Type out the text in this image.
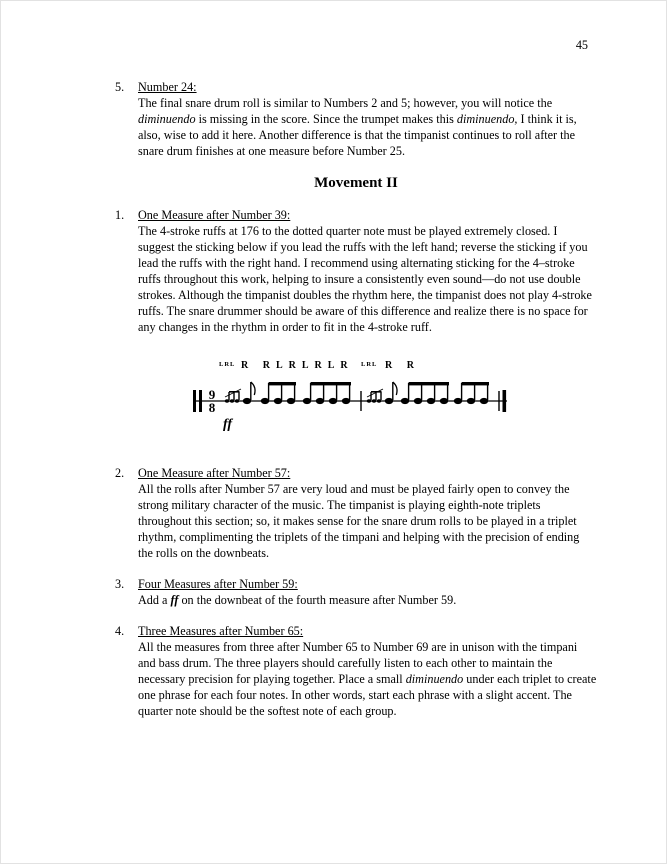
45
5.	Number 24:
The final snare drum roll is similar to Numbers 2 and 5; however, you will notice the diminuendo is missing in the score. Since the trumpet makes this diminuendo, I think it is, also, wise to add it here. Another difference is that the timpanist continues to roll after the snare drum finishes at one measure before Number 25.
Movement II
1.	One Measure after Number 39:
The 4-stroke ruffs at 176 to the dotted quarter note must be played extremely closed. I suggest the sticking below if you lead the ruffs with the left hand; reverse the sticking if you lead the ruffs with the right hand. I recommend using alternating sticking for the 4–stroke ruffs throughout this work, helping to insure a consistently even sound—do not use double strokes. Although the timpanist doubles the rhythm here, the timpanist does not play 4-stroke ruffs. The snare drummer should be aware of this difference and realize there is no space for any changes in the rhythm in order to fit in the 4-stroke ruff.
LRL R RLRLRLR LRL R R
9
8
ff
2.	One Measure after Number 57:
All the rolls after Number 57 are very loud and must be played fairly open to convey the strong military character of the music. The timpanist is playing eighth-note triplets throughout this section; so, it makes sense for the snare drum rolls to be played in a triplet rhythm, complimenting the triplets of the timpani and helping with the precision of ending the rolls on the downbeats.
3.	Four Measures after Number 59:
Add a ff on the downbeat of the fourth measure after Number 59.
4.	Three Measures after Number 65:
All the measures from three after Number 65 to Number 69 are in unison with the timpani and bass drum. The three players should carefully listen to each other to maintain the necessary precision for playing together. Place a small diminuendo under each triplet to create one phrase for each four notes. In other words, start each phrase with a slight accent. The quarter note should be the softest note of each group.
